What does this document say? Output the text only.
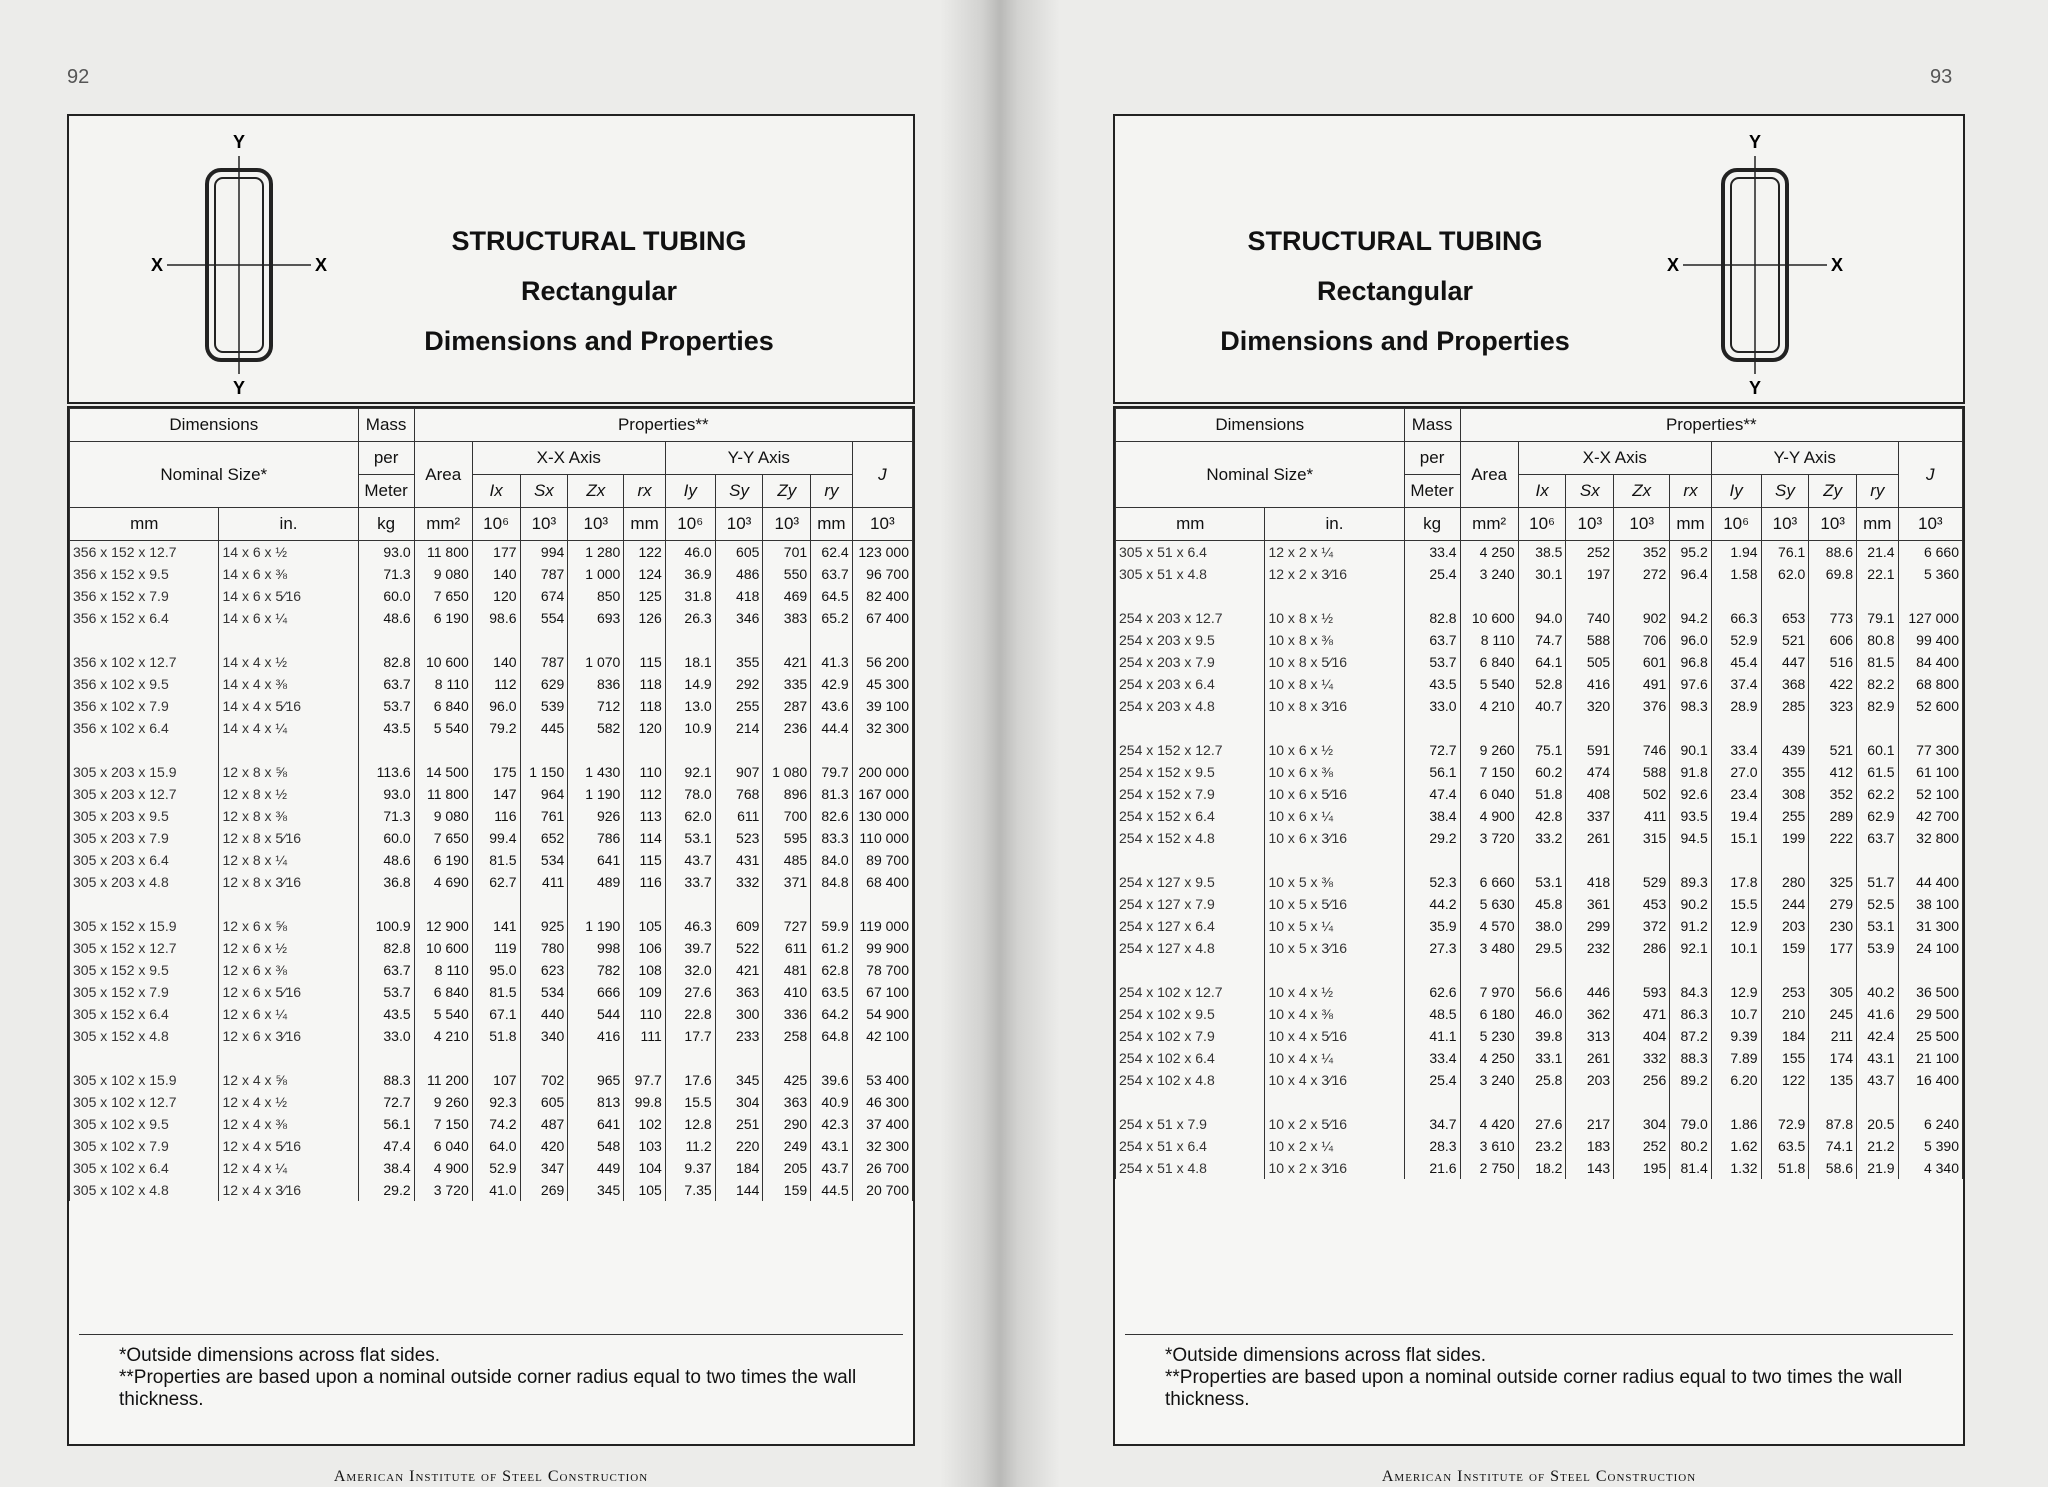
92
Y
Y
X	X
STRUCTURAL TUBING
Rectangular
Dimensions and Properties
Dimensions		Mass	Properties**									
Nominal Size*		per	Area	X-X Axis				Y-Y Axis				J
		Meter		Ix	Sx	Zx	rx	Iy	Sy	Zy	ry	
mm	in.	kg	mm²	10⁶	10³	10³	mm	10⁶	10³	10³	mm	10³
356 x 152 x 12.7	14 x 6 x ½	93.0	11 800	177	994	1 280	122	46.0	605	701	62.4	123 000
356 x 152 x 9.5	14 x 6 x ⅜	71.3	9 080	140	787	1 000	124	36.9	486	550	63.7	96 700
356 x 152 x 7.9	14 x 6 x 5⁄16	60.0	7 650	120	674	850	125	31.8	418	469	64.5	82 400
356 x 152 x 6.4	14 x 6 x ¼	48.6	6 190	98.6	554	693	126	26.3	346	383	65.2	67 400

356 x 102 x 12.7	14 x 4 x ½	82.8	10 600	140	787	1 070	115	18.1	355	421	41.3	56 200
356 x 102 x 9.5	14 x 4 x ⅜	63.7	8 110	112	629	836	118	14.9	292	335	42.9	45 300
356 x 102 x 7.9	14 x 4 x 5⁄16	53.7	6 840	96.0	539	712	118	13.0	255	287	43.6	39 100
356 x 102 x 6.4	14 x 4 x ¼	43.5	5 540	79.2	445	582	120	10.9	214	236	44.4	32 300

305 x 203 x 15.9	12 x 8 x ⅝	113.6	14 500	175	1 150	1 430	110	92.1	907	1 080	79.7	200 000
305 x 203 x 12.7	12 x 8 x ½	93.0	11 800	147	964	1 190	112	78.0	768	896	81.3	167 000
305 x 203 x 9.5	12 x 8 x ⅜	71.3	9 080	116	761	926	113	62.0	611	700	82.6	130 000
305 x 203 x 7.9	12 x 8 x 5⁄16	60.0	7 650	99.4	652	786	114	53.1	523	595	83.3	110 000
305 x 203 x 6.4	12 x 8 x ¼	48.6	6 190	81.5	534	641	115	43.7	431	485	84.0	89 700
305 x 203 x 4.8	12 x 8 x 3⁄16	36.8	4 690	62.7	411	489	116	33.7	332	371	84.8	68 400

305 x 152 x 15.9	12 x 6 x ⅝	100.9	12 900	141	925	1 190	105	46.3	609	727	59.9	119 000
305 x 152 x 12.7	12 x 6 x ½	82.8	10 600	119	780	998	106	39.7	522	611	61.2	99 900
305 x 152 x 9.5	12 x 6 x ⅜	63.7	8 110	95.0	623	782	108	32.0	421	481	62.8	78 700
305 x 152 x 7.9	12 x 6 x 5⁄16	53.7	6 840	81.5	534	666	109	27.6	363	410	63.5	67 100
305 x 152 x 6.4	12 x 6 x ¼	43.5	5 540	67.1	440	544	110	22.8	300	336	64.2	54 900
305 x 152 x 4.8	12 x 6 x 3⁄16	33.0	4 210	51.8	340	416	111	17.7	233	258	64.8	42 100

305 x 102 x 15.9	12 x 4 x ⅝	88.3	11 200	107	702	965	97.7	17.6	345	425	39.6	53 400
305 x 102 x 12.7	12 x 4 x ½	72.7	9 260	92.3	605	813	99.8	15.5	304	363	40.9	46 300
305 x 102 x 9.5	12 x 4 x ⅜	56.1	7 150	74.2	487	641	102	12.8	251	290	42.3	37 400
305 x 102 x 7.9	12 x 4 x 5⁄16	47.4	6 040	64.0	420	548	103	11.2	220	249	43.1	32 300
305 x 102 x 6.4	12 x 4 x ¼	38.4	4 900	52.9	347	449	104	9.37	184	205	43.7	26 700
305 x 102 x 4.8	12 x 4 x 3⁄16	29.2	3 720	41.0	269	345	105	7.35	144	159	44.5	20 700

*Outside dimensions across flat sides.

**Properties are based upon a nominal outside corner radius equal to two times the wall thickness.

American Institute of Steel Construction
93
STRUCTURAL TUBING
Rectangular
Dimensions and Properties
Y
Y
X	X
Dimensions		Mass	Properties**									
Nominal Size*		per	Area	X-X Axis				Y-Y Axis				J
		Meter		Ix	Sx	Zx	rx	Iy	Sy	Zy	ry	
mm	in.	kg	mm²	10⁶	10³	10³	mm	10⁶	10³	10³	mm	10³
305 x 51 x 6.4	12 x 2 x ¼	33.4	4 250	38.5	252	352	95.2	1.94	76.1	88.6	21.4	6 660
305 x 51 x 4.8	12 x 2 x 3⁄16	25.4	3 240	30.1	197	272	96.4	1.58	62.0	69.8	22.1	5 360

254 x 203 x 12.7	10 x 8 x ½	82.8	10 600	94.0	740	902	94.2	66.3	653	773	79.1	127 000
254 x 203 x 9.5	10 x 8 x ⅜	63.7	8 110	74.7	588	706	96.0	52.9	521	606	80.8	99 400
254 x 203 x 7.9	10 x 8 x 5⁄16	53.7	6 840	64.1	505	601	96.8	45.4	447	516	81.5	84 400
254 x 203 x 6.4	10 x 8 x ¼	43.5	5 540	52.8	416	491	97.6	37.4	368	422	82.2	68 800
254 x 203 x 4.8	10 x 8 x 3⁄16	33.0	4 210	40.7	320	376	98.3	28.9	285	323	82.9	52 600

254 x 152 x 12.7	10 x 6 x ½	72.7	9 260	75.1	591	746	90.1	33.4	439	521	60.1	77 300
254 x 152 x 9.5	10 x 6 x ⅜	56.1	7 150	60.2	474	588	91.8	27.0	355	412	61.5	61 100
254 x 152 x 7.9	10 x 6 x 5⁄16	47.4	6 040	51.8	408	502	92.6	23.4	308	352	62.2	52 100
254 x 152 x 6.4	10 x 6 x ¼	38.4	4 900	42.8	337	411	93.5	19.4	255	289	62.9	42 700
254 x 152 x 4.8	10 x 6 x 3⁄16	29.2	3 720	33.2	261	315	94.5	15.1	199	222	63.7	32 800

254 x 127 x 9.5	10 x 5 x ⅜	52.3	6 660	53.1	418	529	89.3	17.8	280	325	51.7	44 400
254 x 127 x 7.9	10 x 5 x 5⁄16	44.2	5 630	45.8	361	453	90.2	15.5	244	279	52.5	38 100
254 x 127 x 6.4	10 x 5 x ¼	35.9	4 570	38.0	299	372	91.2	12.9	203	230	53.1	31 300
254 x 127 x 4.8	10 x 5 x 3⁄16	27.3	3 480	29.5	232	286	92.1	10.1	159	177	53.9	24 100

254 x 102 x 12.7	10 x 4 x ½	62.6	7 970	56.6	446	593	84.3	12.9	253	305	40.2	36 500
254 x 102 x 9.5	10 x 4 x ⅜	48.5	6 180	46.0	362	471	86.3	10.7	210	245	41.6	29 500
254 x 102 x 7.9	10 x 4 x 5⁄16	41.1	5 230	39.8	313	404	87.2	9.39	184	211	42.4	25 500
254 x 102 x 6.4	10 x 4 x ¼	33.4	4 250	33.1	261	332	88.3	7.89	155	174	43.1	21 100
254 x 102 x 4.8	10 x 4 x 3⁄16	25.4	3 240	25.8	203	256	89.2	6.20	122	135	43.7	16 400

254 x 51 x 7.9	10 x 2 x 5⁄16	34.7	4 420	27.6	217	304	79.0	1.86	72.9	87.8	20.5	6 240
254 x 51 x 6.4	10 x 2 x ¼	28.3	3 610	23.2	183	252	80.2	1.62	63.5	74.1	21.2	5 390
254 x 51 x 4.8	10 x 2 x 3⁄16	21.6	2 750	18.2	143	195	81.4	1.32	51.8	58.6	21.9	4 340

*Outside dimensions across flat sides.

**Properties are based upon a nominal outside corner radius equal to two times the wall thickness.

American Institute of Steel Construction
